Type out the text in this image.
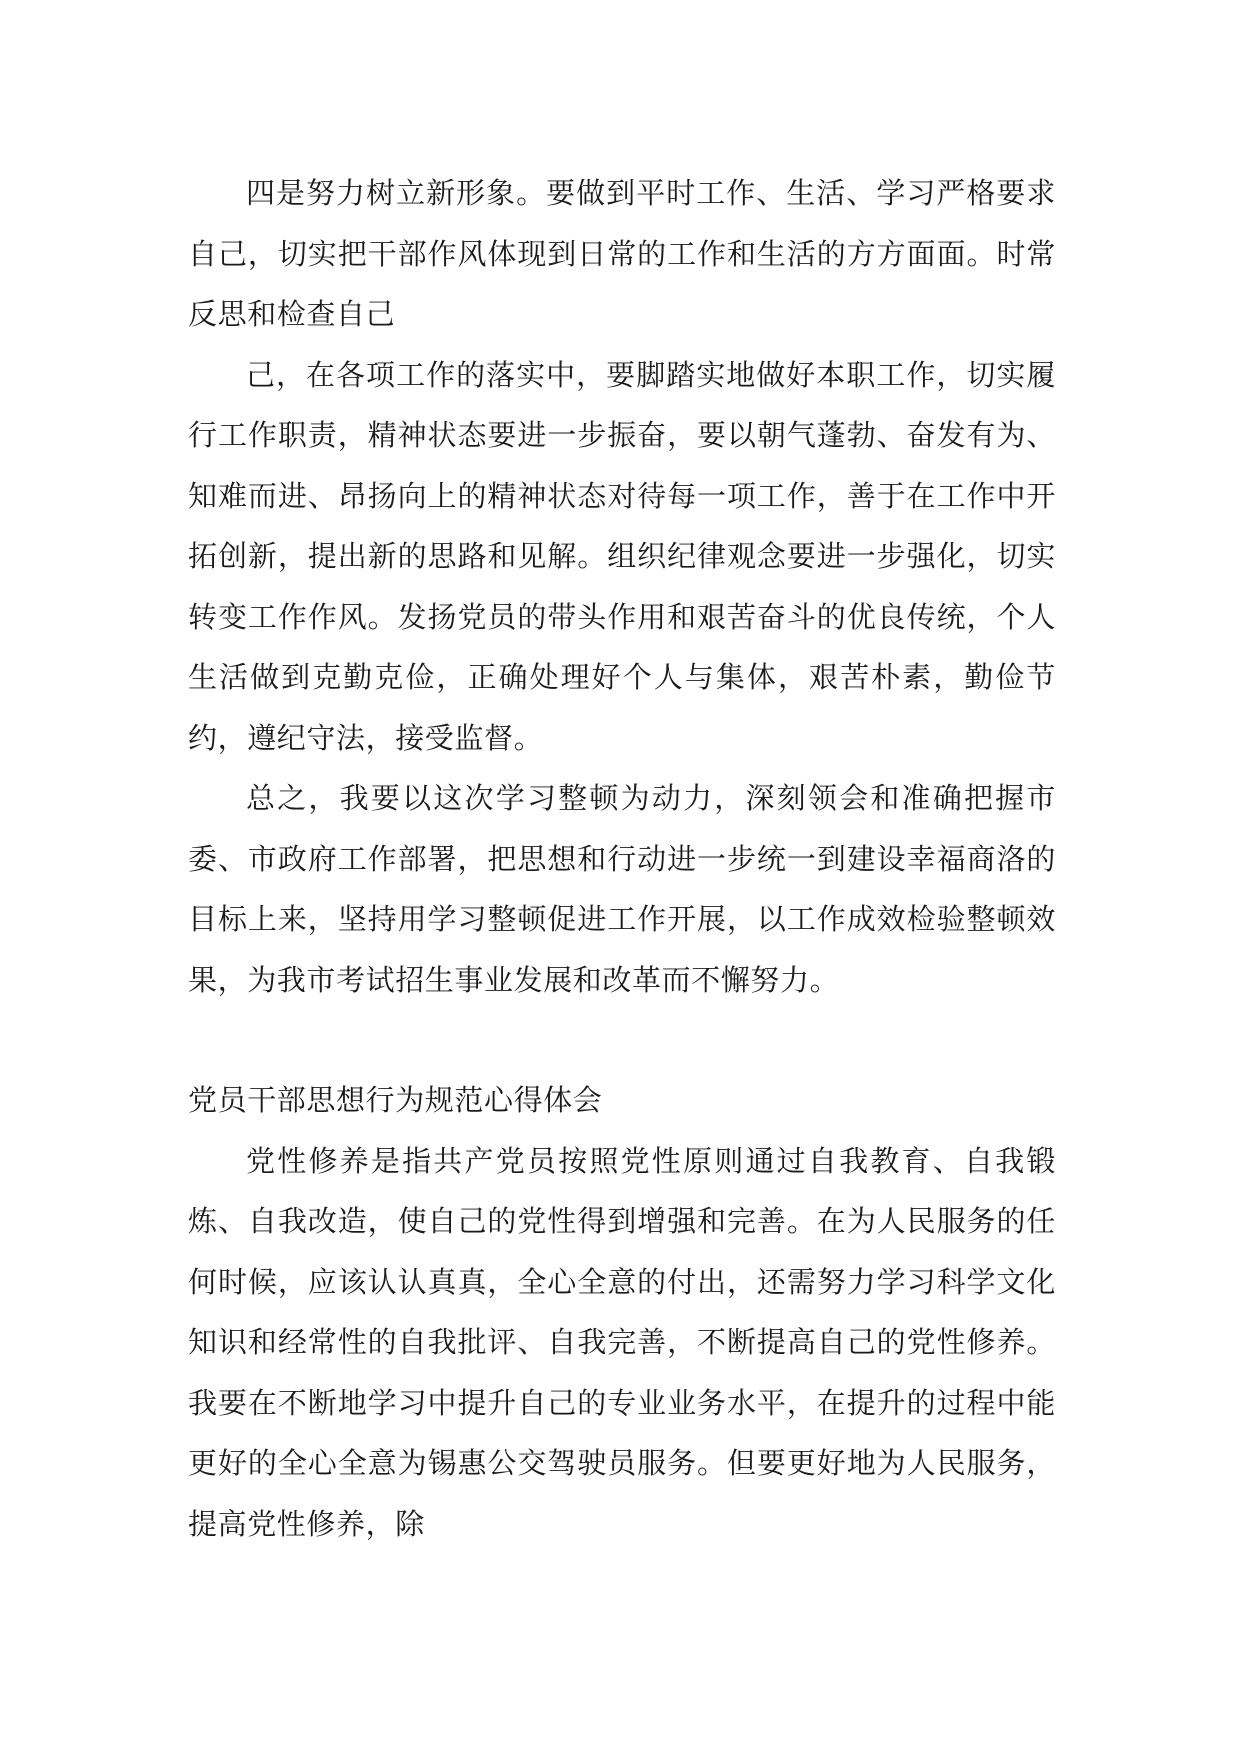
四是努力树立新形象。要做到平时工作、生活、学习严格要求自己，切实把干部作风体现到日常的工作和生活的方方面面。时常反思和检查自己

己，在各项工作的落实中，要脚踏实地做好本职工作，切实履行工作职责，精神状态要进一步振奋，要以朝气蓬勃、奋发有为、知难而进、昂扬向上的精神状态对待每一项工作，善于在工作中开拓创新，提出新的思路和见解。组织纪律观念要进一步强化，切实转变工作作风。发扬党员的带头作用和艰苦奋斗的优良传统，个人生活做到克勤克俭，正确处理好个人与集体，艰苦朴素，勤俭节约，遵纪守法，接受监督。

总之，我要以这次学习整顿为动力，深刻领会和准确把握市委、市政府工作部署，把思想和行动进一步统一到建设幸福商洛的目标上来，坚持用学习整顿促进工作开展，以工作成效检验整顿效果，为我市考试招生事业发展和改革而不懈努力。

党员干部思想行为规范心得体会

党性修养是指共产党员按照党性原则通过自我教育、自我锻炼、自我改造，使自己的党性得到增强和完善。在为人民服务的任何时候，应该认认真真，全心全意的付出，还需努力学习科学文化知识和经常性的自我批评、自我完善，不断提高自己的党性修养。我要在不断地学习中提升自己的专业业务水平，在提升的过程中能更好的全心全意为锡惠公交驾驶员服务。但要更好地为人民服务，提高党性修养，除
